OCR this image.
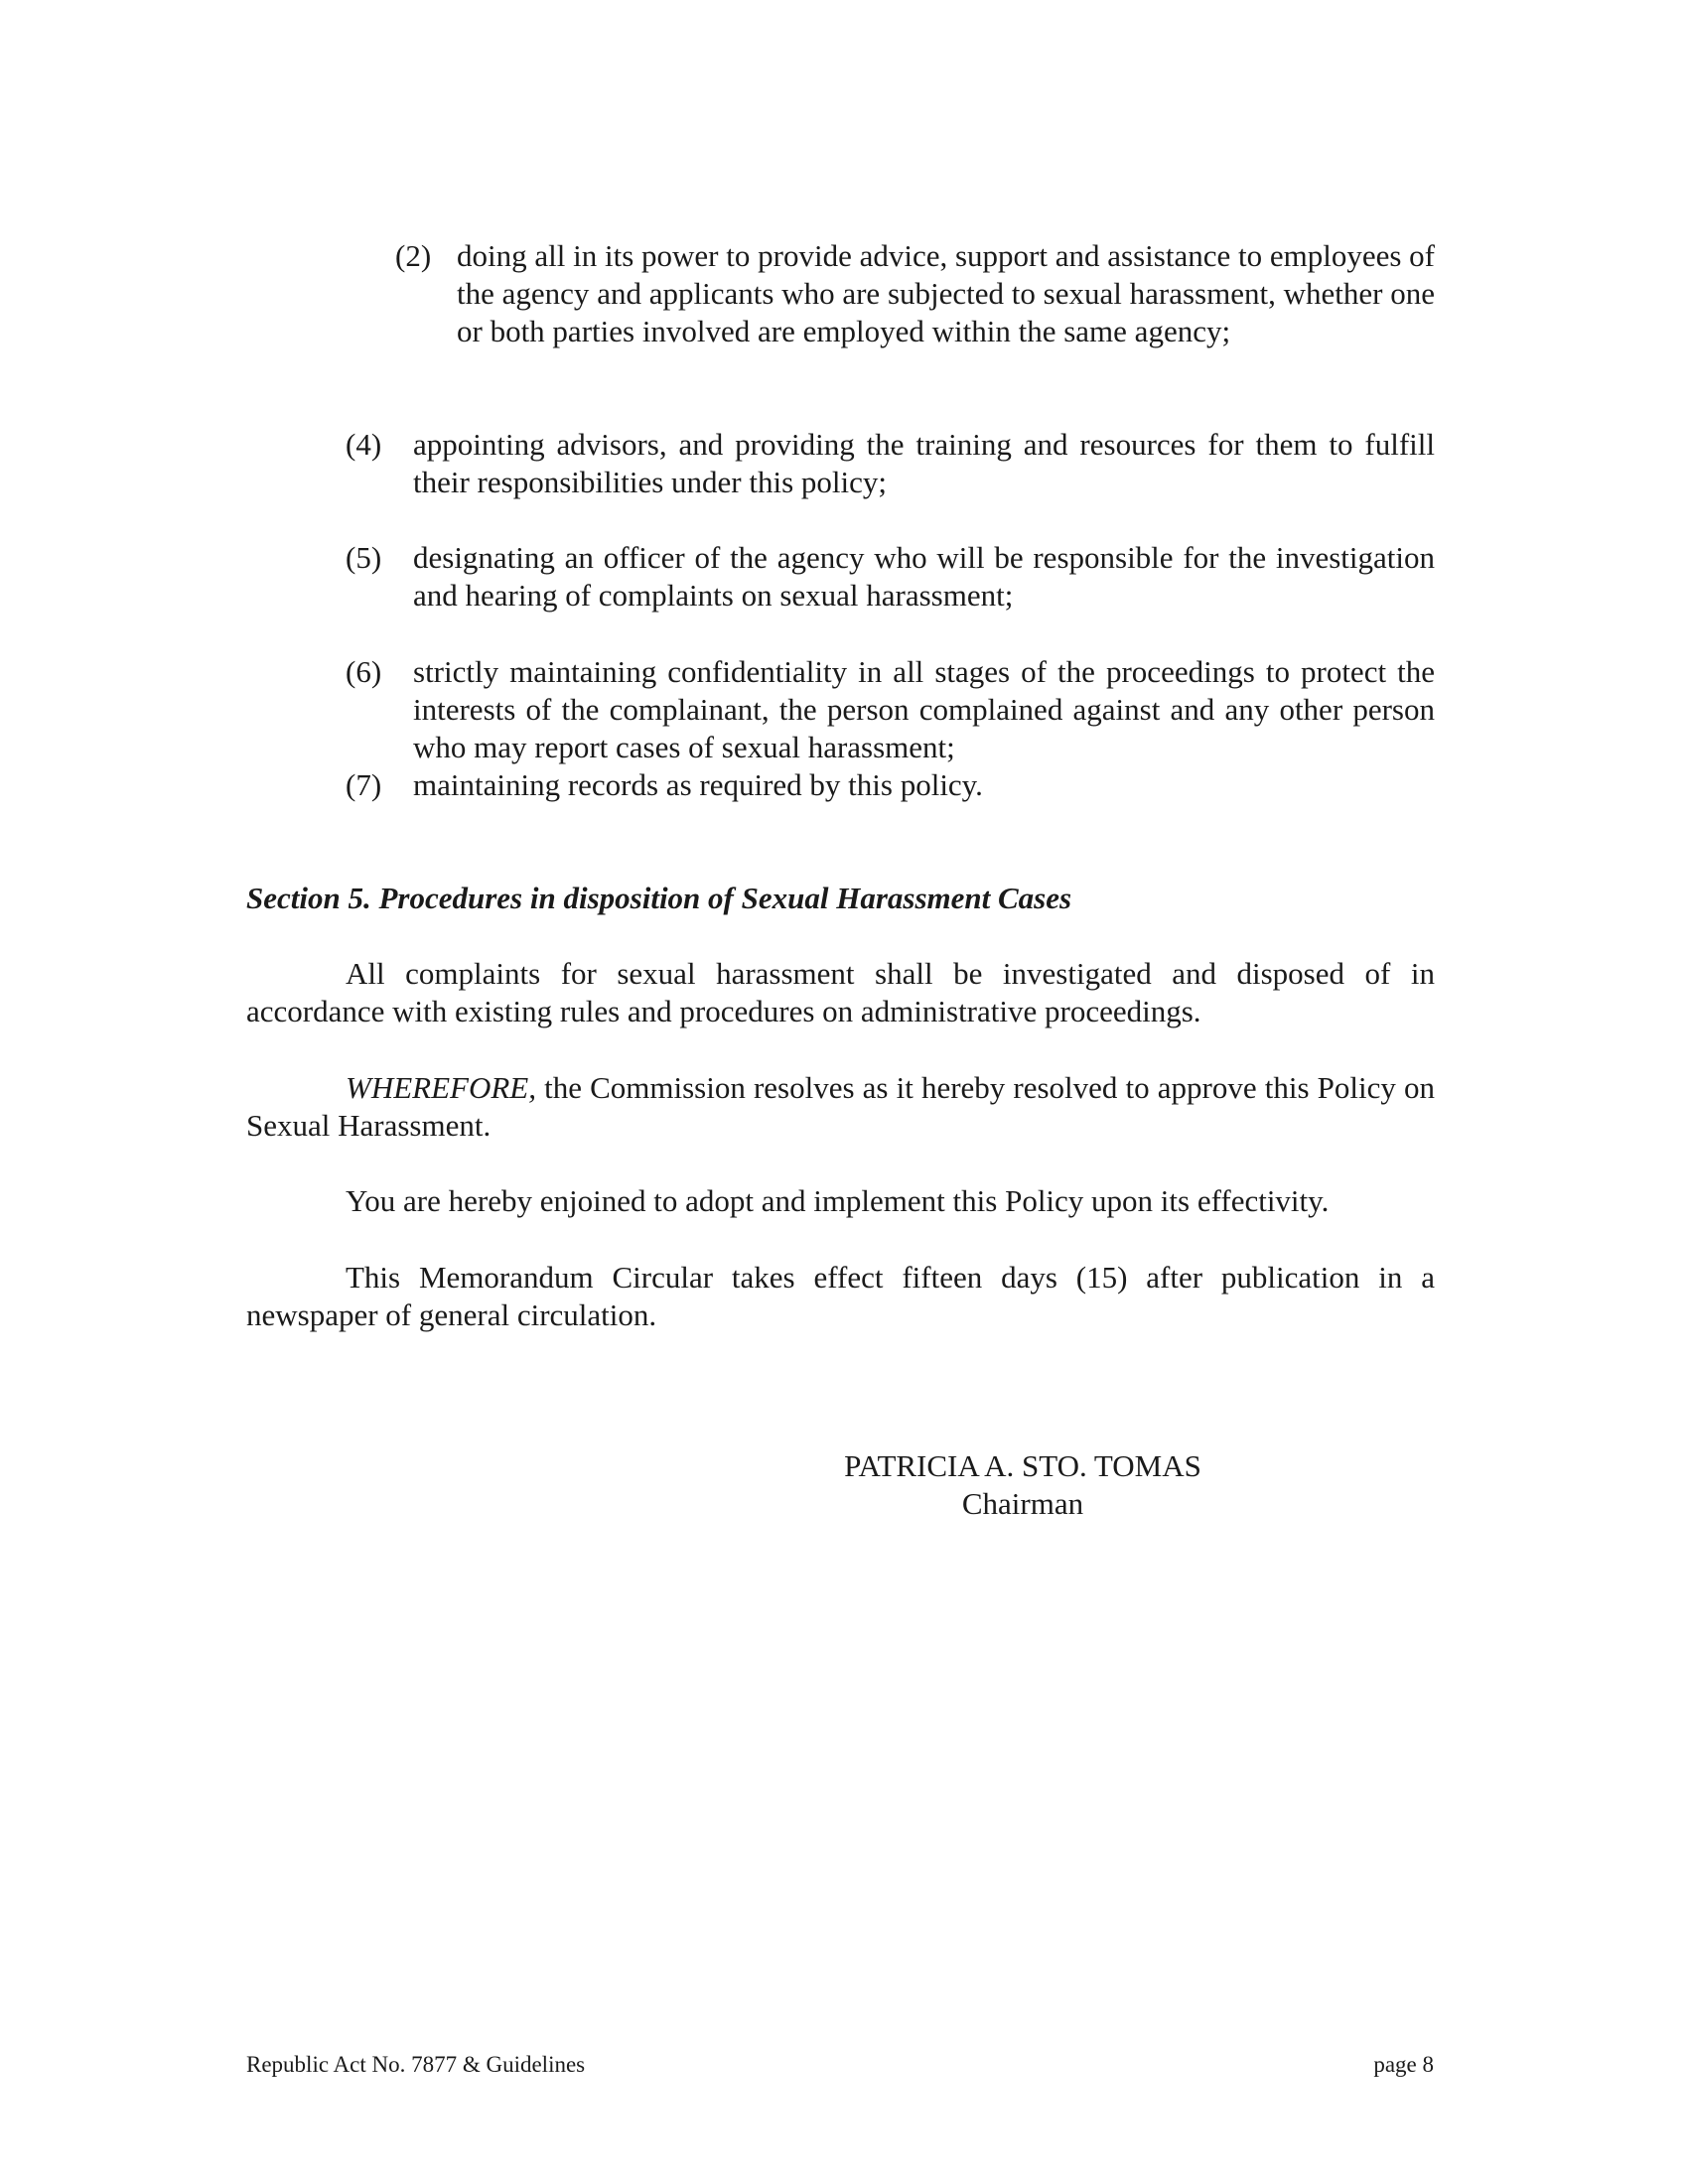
(2) doing all in its power to provide advice, support and assistance to employees of the agency and applicants who are subjected to sexual harassment, whether one or both parties involved are employed within the same agency;
(4)	appointing advisors, and providing the training and resources for them to fulfill their responsibilities under this policy;
(5)	designating an officer of the agency who will be responsible for the investigation and hearing of complaints on sexual harassment;
(6)	strictly maintaining confidentiality in all stages of the proceedings to protect the interests of the complainant, the person complained against and any other person who may report cases of sexual harassment;
(7)	maintaining records as required by this policy.
Section 5. Procedures in disposition of Sexual Harassment Cases
All complaints for sexual harassment shall be investigated and disposed of in accordance with existing rules and procedures on administrative proceedings.
WHEREFORE, the Commission resolves as it hereby resolved to approve this Policy on Sexual Harassment.
You are hereby enjoined to adopt and implement this Policy upon its effectivity.
This Memorandum Circular takes effect fifteen days (15) after publication in a newspaper of general circulation.
PATRICIA A. STO. TOMAS
Chairman
Republic Act No. 7877 & Guidelines	page 8
